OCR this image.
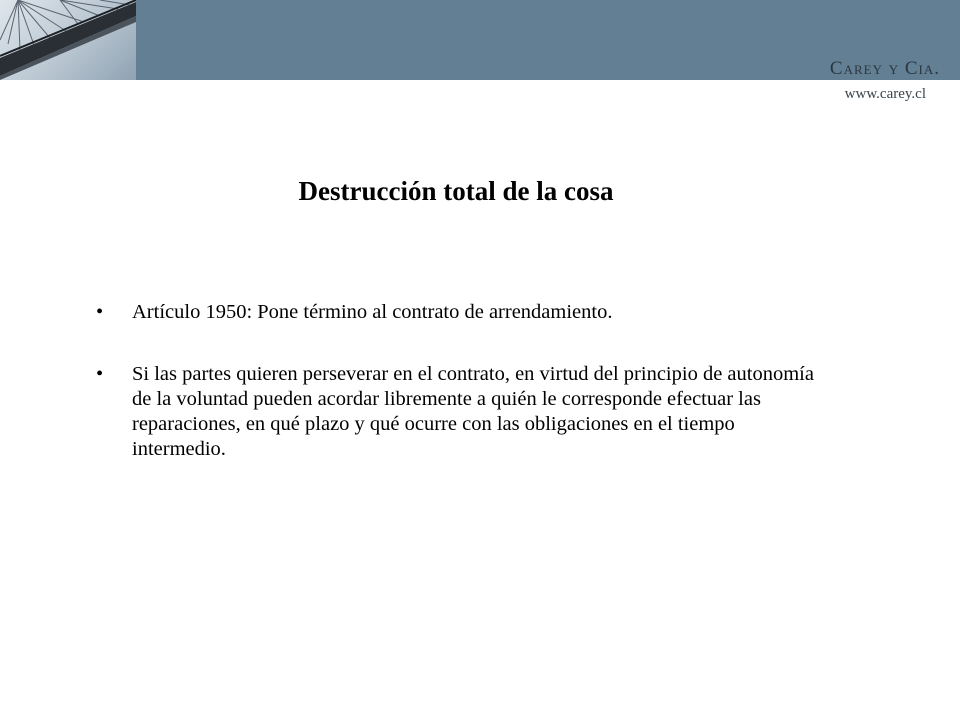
Carey y Cia.
www.carey.cl
Destrucción total de la cosa
• Artículo 1950: Pone término al contrato de arrendamiento.
• Si las partes quieren perseverar en el contrato, en virtud del principio de autonomía de la voluntad pueden acordar libremente a quién le corresponde efectuar las reparaciones, en qué plazo y qué ocurre con las obligaciones en el tiempo intermedio.
